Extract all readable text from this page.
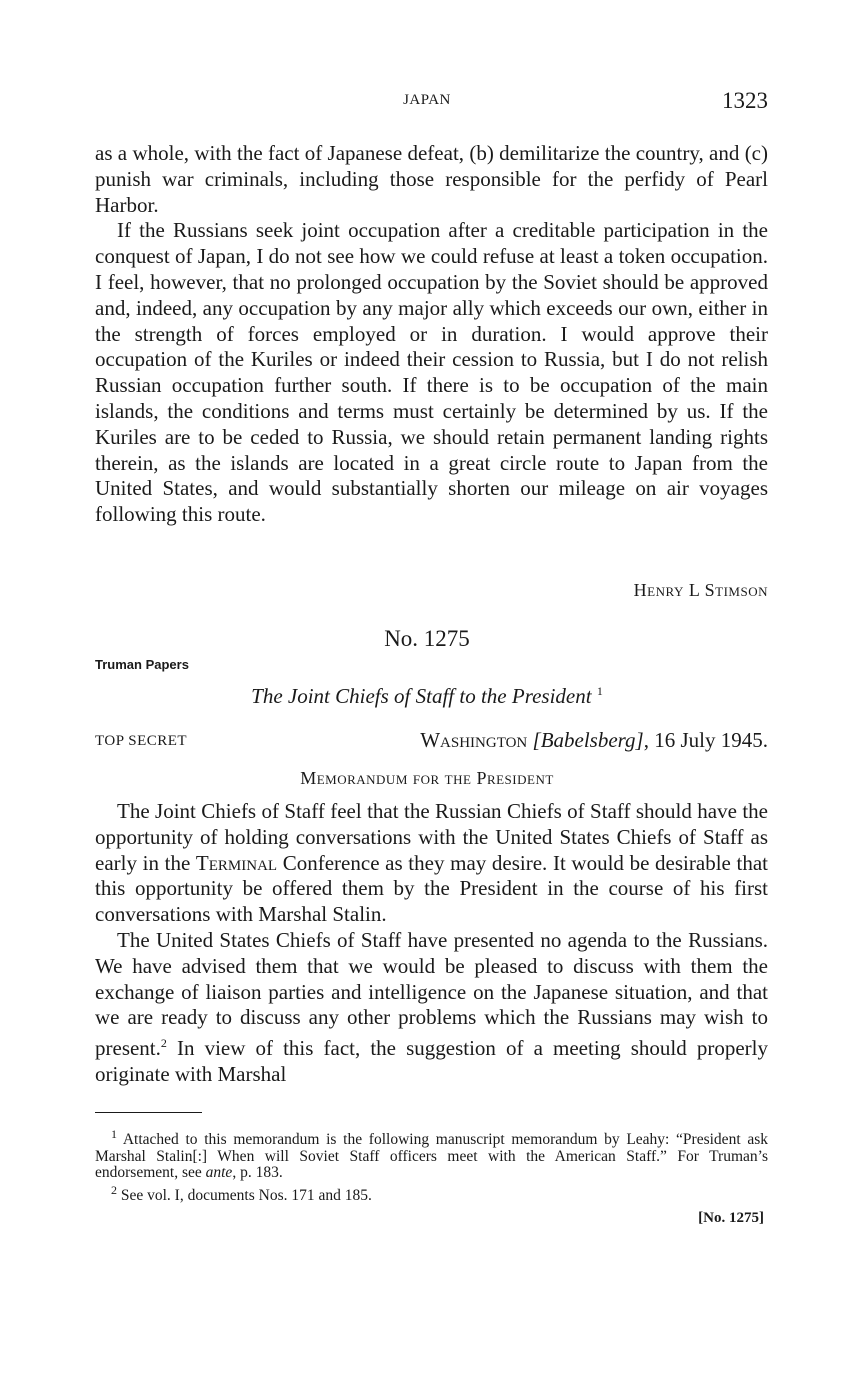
JAPAN	1323

as a whole, with the fact of Japanese defeat, (b) demilitarize the country, and (c) punish war criminals, including those responsible for the perfidy of Pearl Harbor.

If the Russians seek joint occupation after a creditable participation in the conquest of Japan, I do not see how we could refuse at least a token occupation. I feel, however, that no prolonged occupation by the Soviet should be approved and, indeed, any occupation by any major ally which exceeds our own, either in the strength of forces employed or in duration. I would approve their occupation of the Kuriles or indeed their cession to Russia, but I do not relish Russian occupation further south. If there is to be occupation of the main islands, the conditions and terms must certainly be determined by us. If the Kuriles are to be ceded to Russia, we should retain permanent landing rights therein, as the islands are located in a great circle route to Japan from the United States, and would substantially shorten our mileage on air voyages following this route.

Henry L Stimson
No. 1275
Truman Papers
The Joint Chiefs of Staff to the President $^1$
TOP SECRET	Washington [Babelsberg], 16 July 1945.
Memorandum for the President

The Joint Chiefs of Staff feel that the Russian Chiefs of Staff should have the opportunity of holding conversations with the United States Chiefs of Staff as early in the Terminal Conference as they may desire. It would be desirable that this opportunity be offered them by the President in the course of his first conversations with Marshal Stalin.

The United States Chiefs of Staff have presented no agenda to the Russians. We have advised them that we would be pleased to discuss with them the exchange of liaison parties and intelligence on the Japanese situation, and that we are ready to discuss any other problems which the Russians may wish to present.$^2$ In view of this fact, the suggestion of a meeting should properly originate with Marshal

$^1$ Attached to this memorandum is the following manuscript memorandum by Leahy: “President ask Marshal Stalin[:] When will Soviet Staff officers meet with the American Staff.” For Truman’s endorsement, see ante, p. 183.

$^2$ See vol. I, documents Nos. 171 and 185.

[No. 1275]
